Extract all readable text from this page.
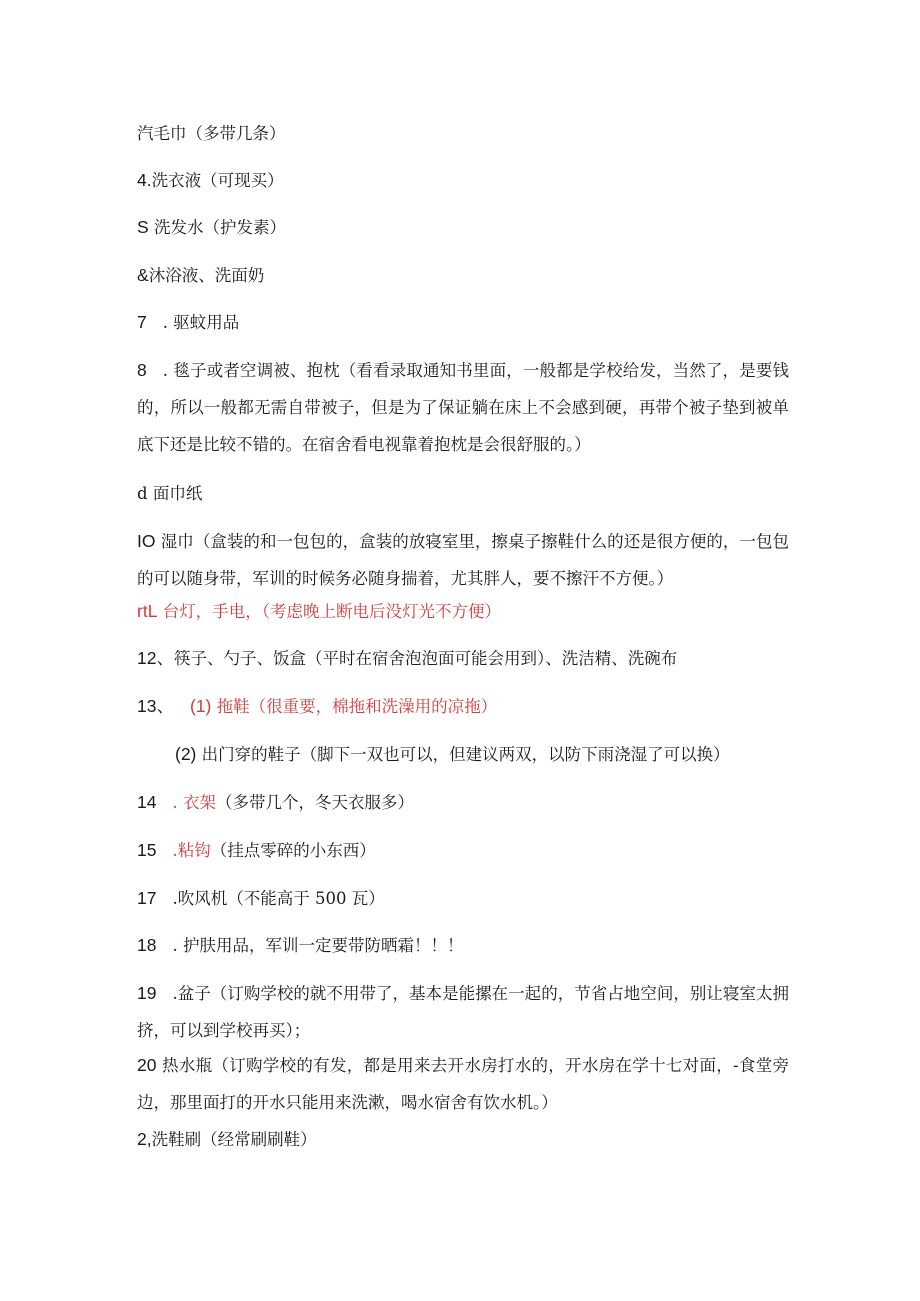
汽毛巾（多带几条）
4.洗衣液（可现买）
S 洗发水（护发素）
&沐浴液、洗面奶
7 . 驱蚊用品
8 . 毯子或者空调被、抱枕（看看录取通知书里面，一般都是学校给发，当然了，是要钱的，所以一般都无需自带被子，但是为了保证躺在床上不会感到硬，再带个被子垫到被单底下还是比较不错的。在宿舍看电视靠着抱枕是会很舒服的。）
d 面巾纸
IO 湿巾（盒装的和一包包的，盒装的放寝室里，擦桌子擦鞋什么的还是很方便的，一包包的可以随身带，军训的时候务必随身揣着，尤其胖人，要不擦汗不方便。）
rtL 台灯，手电，（考虑晚上断电后没灯光不方便）
12、筷子、勺子、饭盒（平时在宿舍泡泡面可能会用到）、洗洁精、洗碗布
13、 (1) 拖鞋（很重要，棉拖和洗澡用的凉拖）
(2) 出门穿的鞋子（脚下一双也可以，但建议两双，以防下雨浇湿了可以换）
14 . 衣架（多带几个，冬天衣服多）
15 .粘钩（挂点零碎的小东西）
17 .吹风机（不能高于 500 瓦）
18 . 护肤用品，军训一定要带防晒霜！！！
19 .盆子（订购学校的就不用带了，基本是能摞在一起的，节省占地空间，别让寝室太拥挤，可以到学校再买）；
20 热水瓶（订购学校的有发，都是用来去开水房打水的，开水房在学十七对面，-食堂旁边，那里面打的开水只能用来洗漱，喝水宿舍有饮水机。）
2,洗鞋刷（经常刷刷鞋）
